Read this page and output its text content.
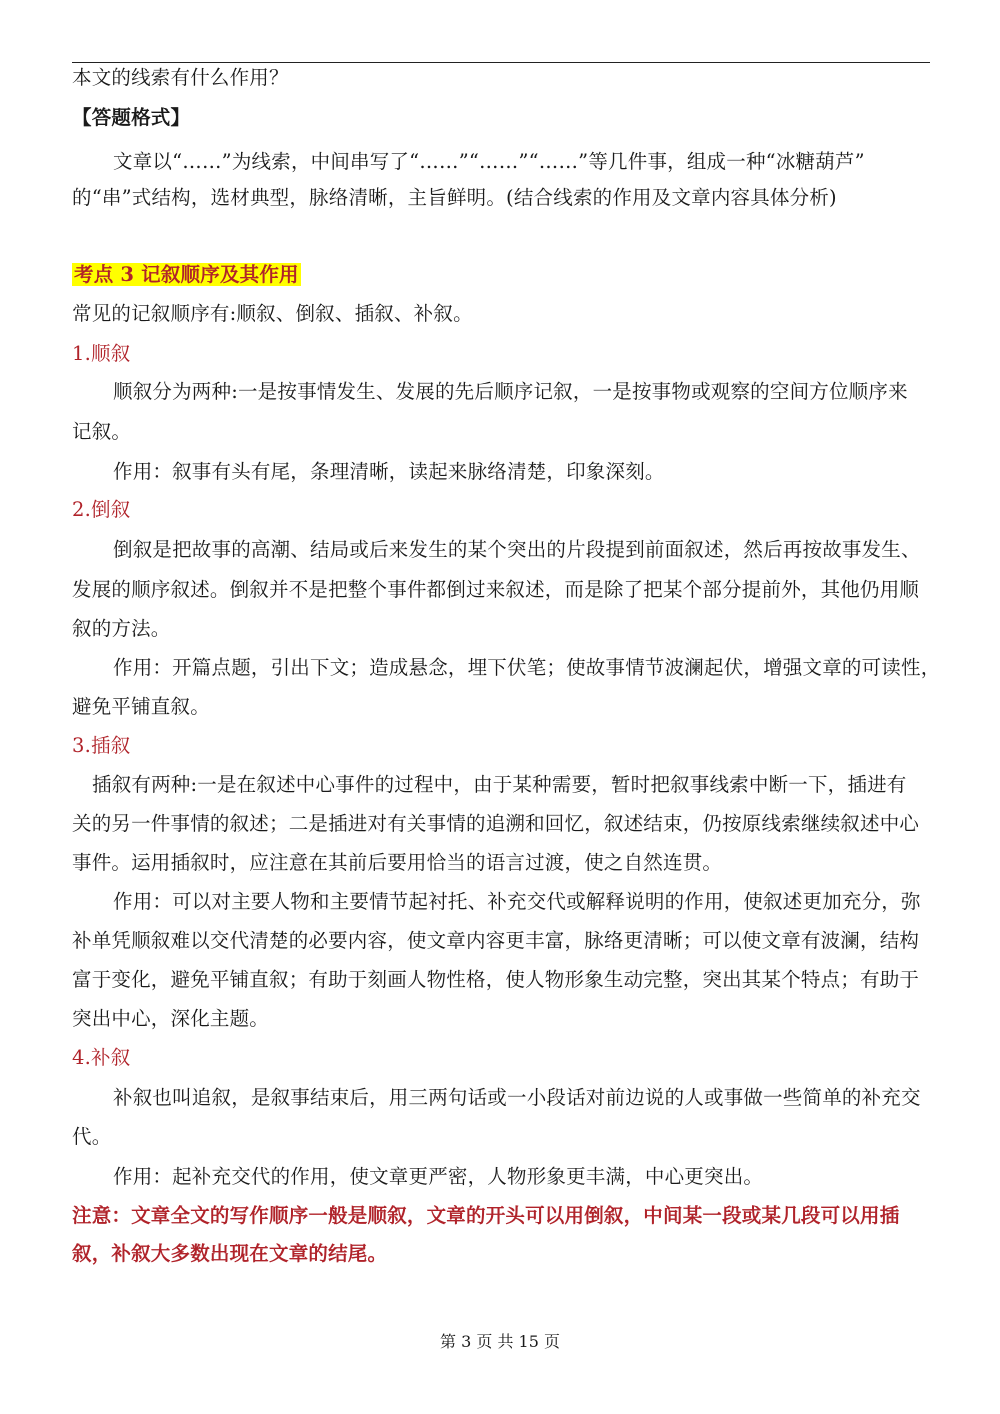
本文的线索有什么作用？
【答题格式】
文章以“……”为线索，中间串写了“……”“……”“……”等几件事，组成一种“冰糖葫芦”
的“串”式结构，选材典型，脉络清晰，主旨鲜明。(结合线索的作用及文章内容具体分析)
考点 3 记叙顺序及其作用
常见的记叙顺序有:顺叙、倒叙、插叙、补叙。
1.顺叙
顺叙分为两种:一是按事情发生、发展的先后顺序记叙，一是按事物或观察的空间方位顺序来
记叙。
作用：叙事有头有尾，条理清晰，读起来脉络清楚，印象深刻。
2.倒叙
倒叙是把故事的高潮、结局或后来发生的某个突出的片段提到前面叙述，然后再按故事发生、
发展的顺序叙述。倒叙并不是把整个事件都倒过来叙述，而是除了把某个部分提前外，其他仍用顺
叙的方法。
作用：开篇点题，引出下文；造成悬念，埋下伏笔；使故事情节波澜起伏，增强文章的可读性，
避免平铺直叙。
3.插叙
插叙有两种:一是在叙述中心事件的过程中，由于某种需要，暂时把叙事线索中断一下，插进有
关的另一件事情的叙述；二是插进对有关事情的追溯和回忆，叙述结束，仍按原线索继续叙述中心
事件。运用插叙时，应注意在其前后要用恰当的语言过渡，使之自然连贯。
作用：可以对主要人物和主要情节起衬托、补充交代或解释说明的作用，使叙述更加充分，弥
补单凭顺叙难以交代清楚的必要内容，使文章内容更丰富，脉络更清晰；可以使文章有波澜，结构
富于变化，避免平铺直叙；有助于刻画人物性格，使人物形象生动完整，突出其某个特点；有助于
突出中心，深化主题。
4.补叙
补叙也叫追叙，是叙事结束后，用三两句话或一小段话对前边说的人或事做一些简单的补充交
代。
作用：起补充交代的作用，使文章更严密，人物形象更丰满，中心更突出。
注意：文章全文的写作顺序一般是顺叙，文章的开头可以用倒叙，中间某一段或某几段可以用插
叙，补叙大多数出现在文章的结尾。
第 3 页 共 15 页
